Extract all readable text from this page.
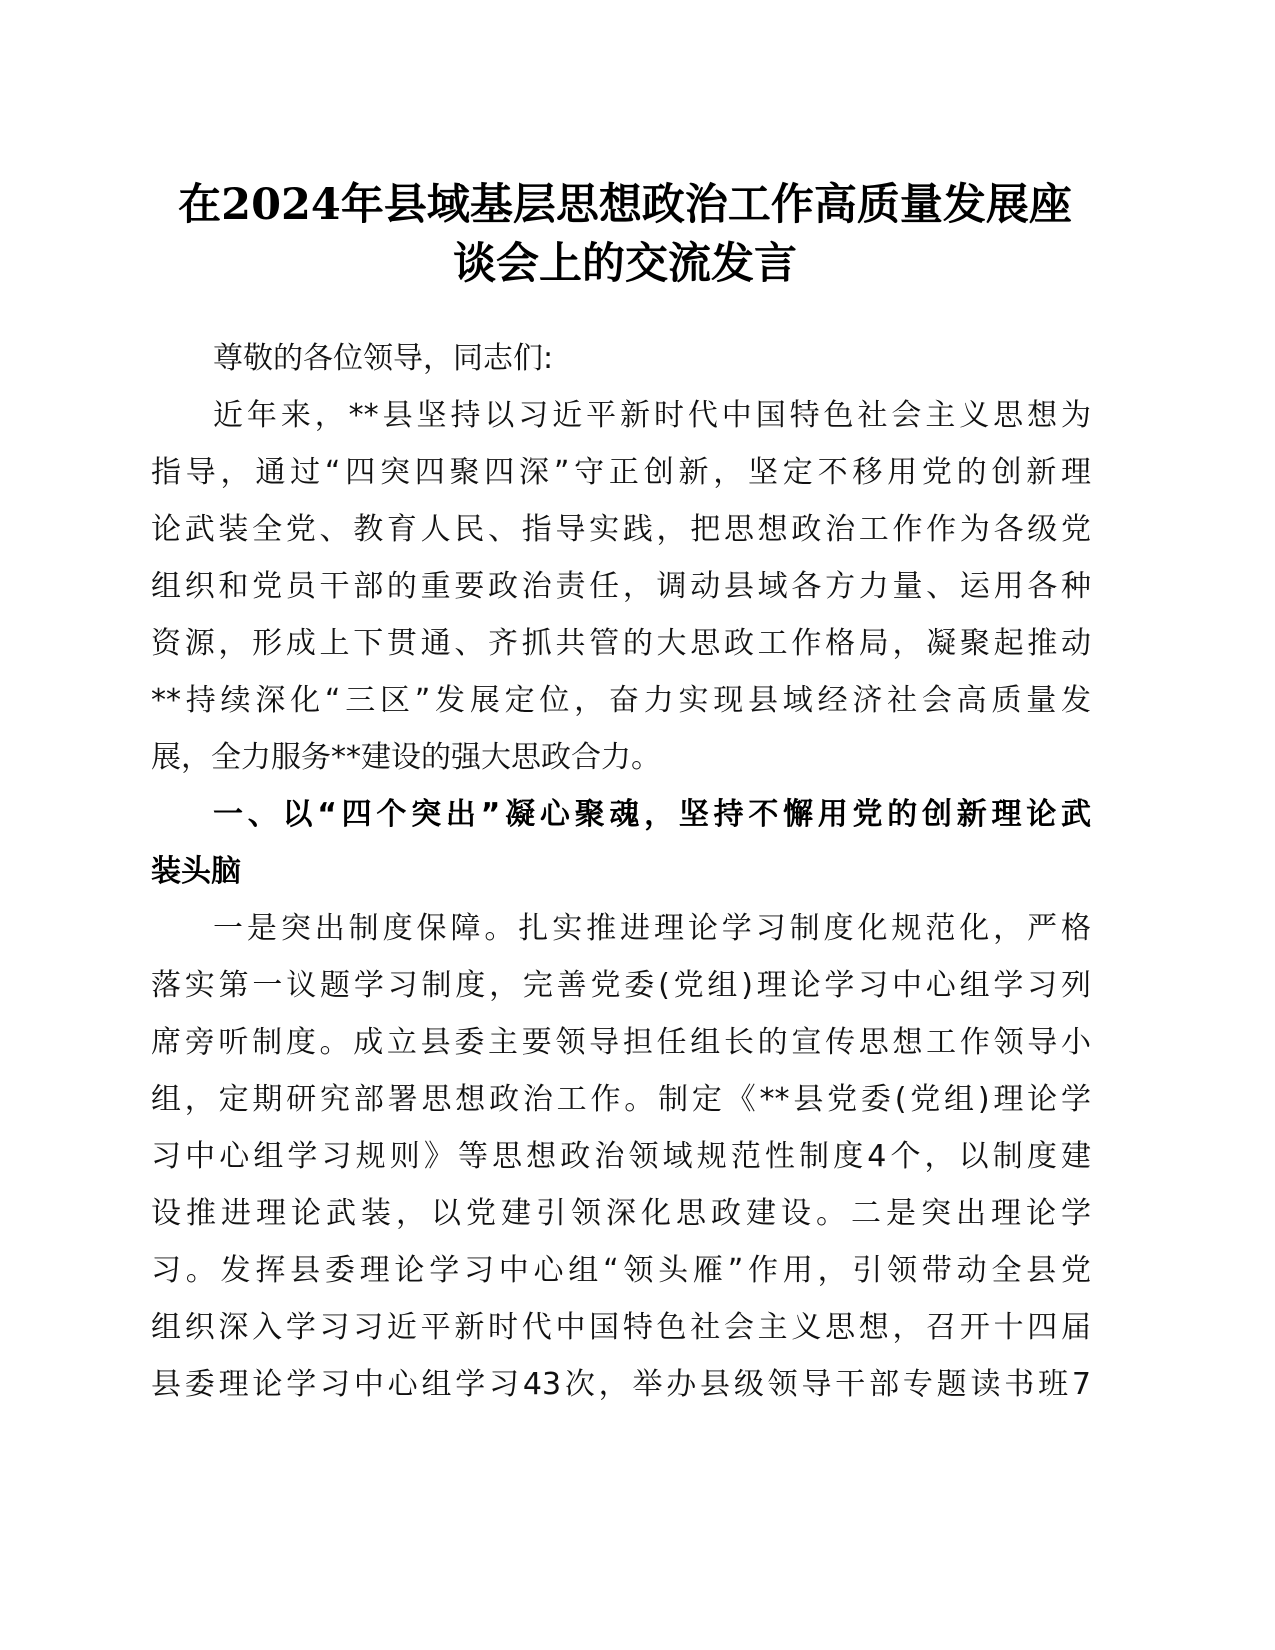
在2024年县域基层思想政治工作高质量发展座
谈会上的交流发言
尊敬的各位领导，同志们:
近年来，**县坚持以习近平新时代中国特色社会主义思想为
指导，通过“四突四聚四深”守正创新，坚定不移用党的创新理
论武装全党、教育人民、指导实践，把思想政治工作作为各级党
组织和党员干部的重要政治责任，调动县域各方力量、运用各种
资源，形成上下贯通、齐抓共管的大思政工作格局，凝聚起推动
**持续深化“三区”发展定位，奋力实现县域经济社会高质量发
展，全力服务**建设的强大思政合力。
一、以“四个突出”凝心聚魂，坚持不懈用党的创新理论武
装头脑
一是突出制度保障。扎实推进理论学习制度化规范化，严格
落实第一议题学习制度，完善党委(党组)理论学习中心组学习列
席旁听制度。成立县委主要领导担任组长的宣传思想工作领导小
组，定期研究部署思想政治工作。制定《**县党委(党组)理论学
习中心组学习规则》等思想政治领域规范性制度4个，以制度建
设推进理论武装，以党建引领深化思政建设。二是突出理论学
习。发挥县委理论学习中心组“领头雁”作用，引领带动全县党
组织深入学习习近平新时代中国特色社会主义思想，召开十四届
县委理论学习中心组学习43次，举办县级领导干部专题读书班7
